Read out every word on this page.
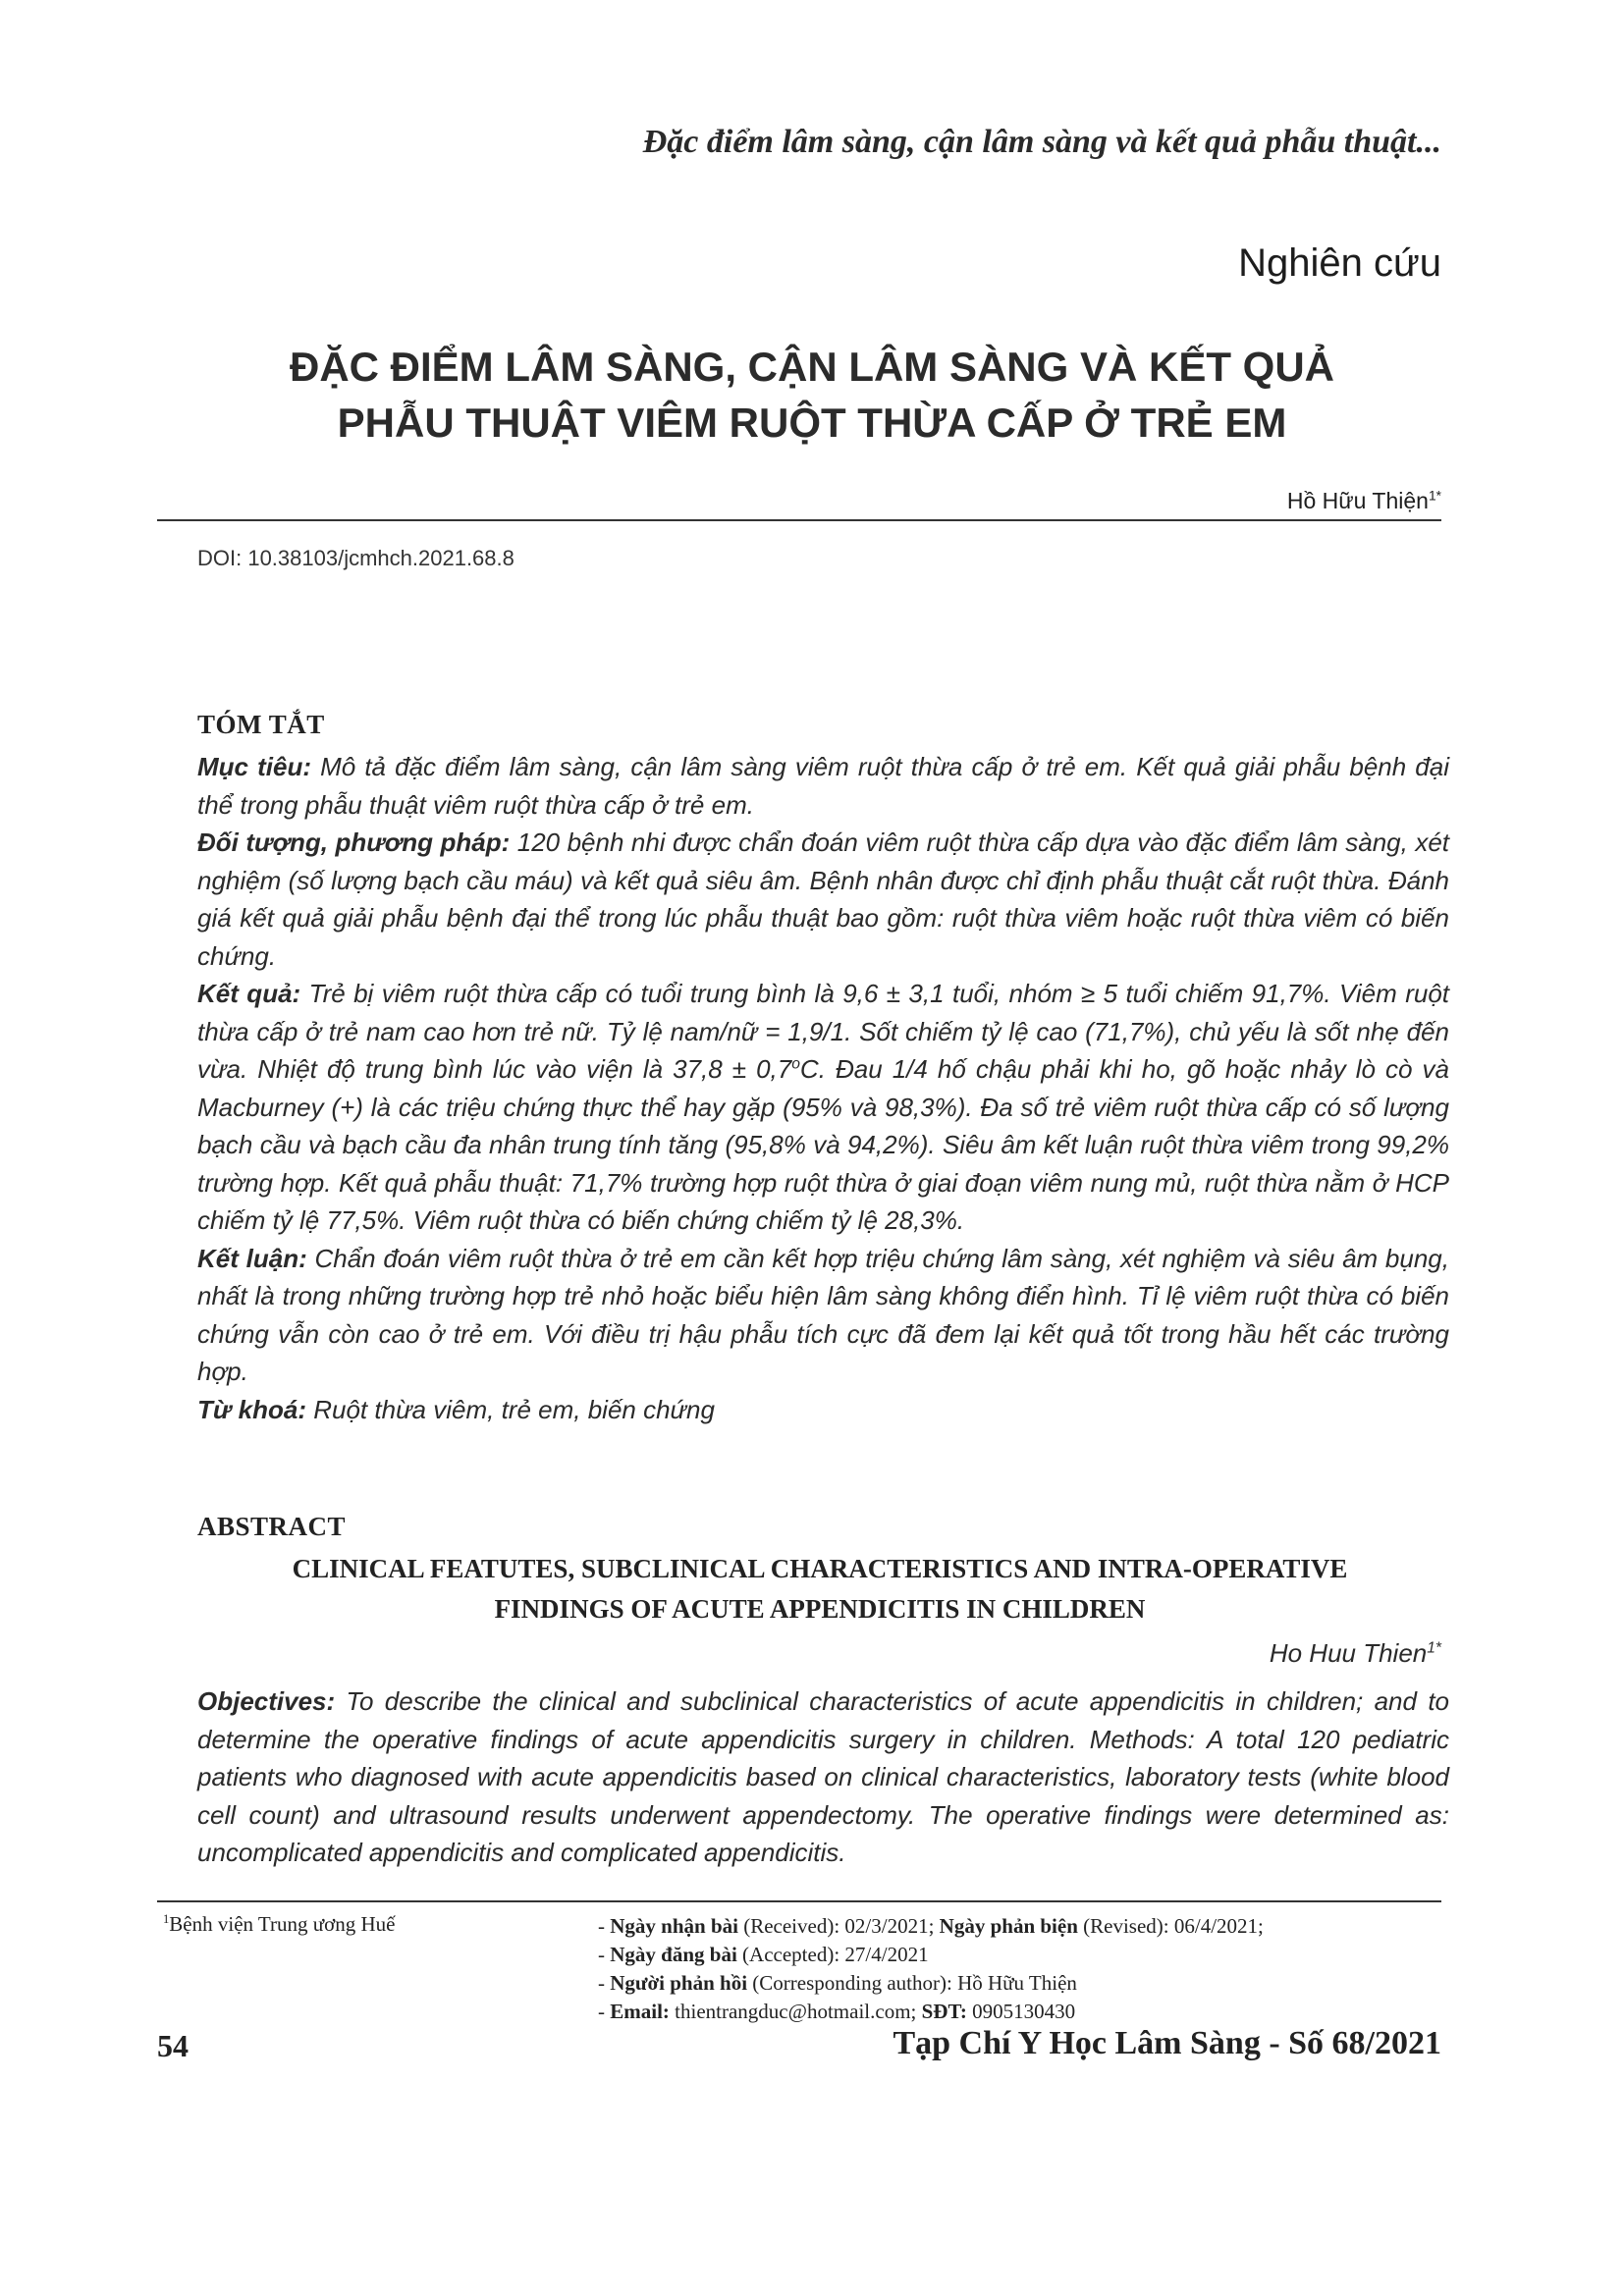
Đặc điểm lâm sàng, cận lâm sàng và kết quả phẫu thuật...
Nghiên cứu
ĐẶC ĐIỂM LÂM SÀNG, CẬN LÂM SÀNG VÀ KẾT QUẢ
PHẪU THUẬT VIÊM RUỘT THỪA CẤP Ở TRẺ EM
Hồ Hữu Thiện$^{1*}$
DOI: 10.38103/jcmhch.2021.68.8
TÓM TẮT

Mục tiêu: Mô tả đặc điểm lâm sàng, cận lâm sàng viêm ruột thừa cấp ở trẻ em. Kết quả giải phẫu bệnh đại thể trong phẫu thuật viêm ruột thừa cấp ở trẻ em.

Đối tượng, phương pháp: 120 bệnh nhi được chẩn đoán viêm ruột thừa cấp dựa vào đặc điểm lâm sàng, xét nghiệm (số lượng bạch cầu máu) và kết quả siêu âm. Bệnh nhân được chỉ định phẫu thuật cắt ruột thừa. Đánh giá kết quả giải phẫu bệnh đại thể trong lúc phẫu thuật bao gồm: ruột thừa viêm hoặc ruột thừa viêm có biến chứng.

Kết quả: Trẻ bị viêm ruột thừa cấp có tuổi trung bình là 9,6 ± 3,1 tuổi, nhóm ≥ 5 tuổi chiếm 91,7%. Viêm ruột thừa cấp ở trẻ nam cao hơn trẻ nữ. Tỷ lệ nam/nữ = 1,9/1. Sốt chiếm tỷ lệ cao (71,7%), chủ yếu là sốt nhẹ đến vừa. Nhiệt độ trung bình lúc vào viện là $37,8 \pm 0,7^oC$. Đau 1/4 hố chậu phải khi ho, gõ hoặc nhảy lò cò và Macburney (+) là các triệu chứng thực thể hay gặp (95% và 98,3%). Đa số trẻ viêm ruột thừa cấp có số lượng bạch cầu và bạch cầu đa nhân trung tính tăng (95,8% và 94,2%). Siêu âm kết luận ruột thừa viêm trong 99,2% trường hợp. Kết quả phẫu thuật: 71,7% trường hợp ruột thừa ở giai đoạn viêm nung mủ, ruột thừa nằm ở HCP chiếm tỷ lệ 77,5%. Viêm ruột thừa có biến chứng chiếm tỷ lệ 28,3%.

Kết luận: Chẩn đoán viêm ruột thừa ở trẻ em cần kết hợp triệu chứng lâm sàng, xét nghiệm và siêu âm bụng, nhất là trong những trường hợp trẻ nhỏ hoặc biểu hiện lâm sàng không điển hình. Tỉ lệ viêm ruột thừa có biến chứng vẫn còn cao ở trẻ em. Với điều trị hậu phẫu tích cực đã đem lại kết quả tốt trong hầu hết các trường hợp.

Từ khoá: Ruột thừa viêm, trẻ em, biến chứng

ABSTRACT
CLINICAL FEATUTES, SUBCLINICAL CHARACTERISTICS AND INTRA-OPERATIVE
FINDINGS OF ACUTE APPENDICITIS IN CHILDREN
Ho Huu Thien$^{1*}$

Objectives: To describe the clinical and subclinical characteristics of acute appendicitis in children; and to determine the operative findings of acute appendicitis surgery in children. Methods: A total 120 pediatric patients who diagnosed with acute appendicitis based on clinical characteristics, laboratory tests (white blood cell count) and ultrasound results underwent appendectomy. The operative findings were determined as: uncomplicated appendicitis and complicated appendicitis.

$^1$Bệnh viện Trung ương Huế	- Ngày nhận bài (Received): 02/3/2021; Ngày phản biện (Revised): 06/4/2021;
- Ngày đăng bài (Accepted): 27/4/2021
- Người phản hồi (Corresponding author): Hồ Hữu Thiện
- Email: thientrangduc@hotmail.com; SĐT: 0905130430
54	Tạp Chí Y Học Lâm Sàng - Số 68/2021
